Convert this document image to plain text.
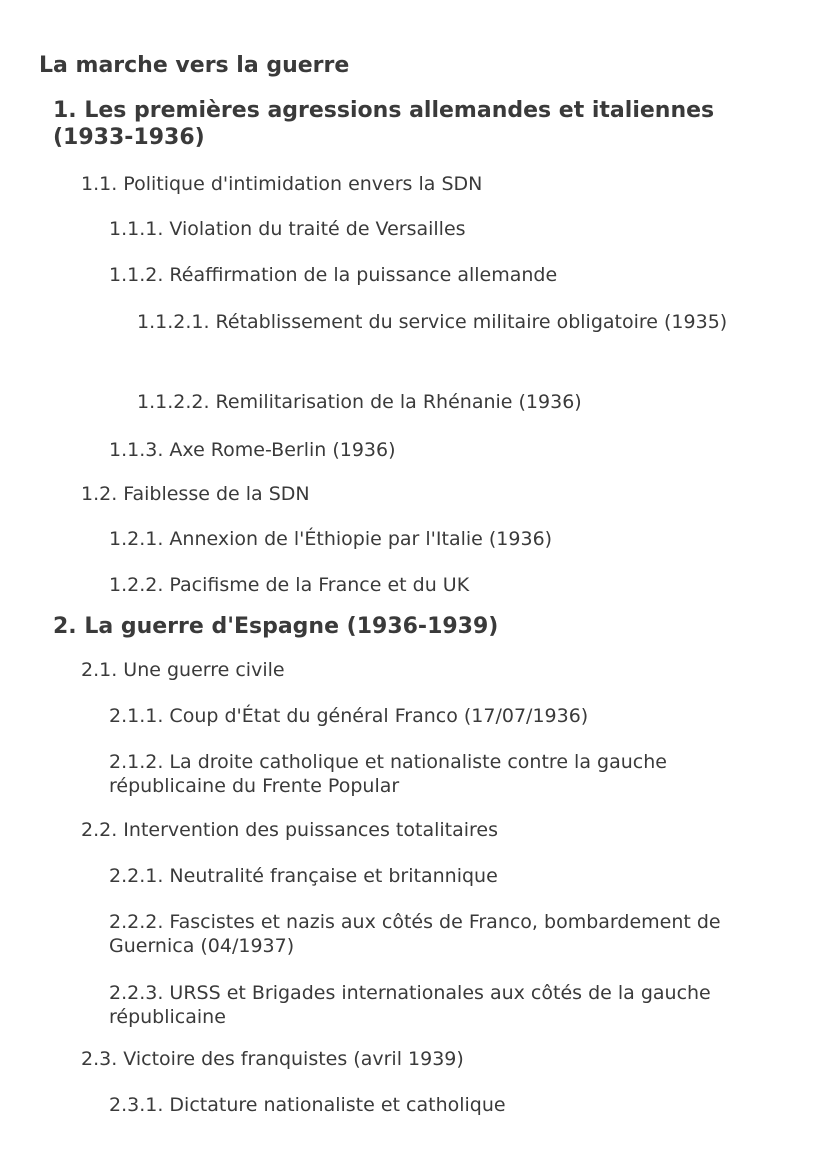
La marche vers la guerre
1. Les premières agressions allemandes et italiennes (1933-1936)
1.1. Politique d'intimidation envers la SDN
1.1.1. Violation du traité de Versailles
1.1.2. Réaffirmation de la puissance allemande
1.1.2.1. Rétablissement du service militaire obligatoire (1935)
1.1.2.2. Remilitarisation de la Rhénanie (1936)
1.1.3. Axe Rome-Berlin (1936)
1.2. Faiblesse de la SDN
1.2.1. Annexion de l'Éthiopie par l'Italie (1936)
1.2.2. Pacifisme de la France et du UK
2. La guerre d'Espagne (1936-1939)
2.1. Une guerre civile
2.1.1. Coup d'État du général Franco (17/07/1936)
2.1.2. La droite catholique et nationaliste contre la gauche républicaine du Frente Popular
2.2. Intervention des puissances totalitaires
2.2.1. Neutralité française et britannique
2.2.2. Fascistes et nazis aux côtés de Franco, bombardement de Guernica (04/1937)
2.2.3. URSS et Brigades internationales aux côtés de la gauche républicaine
2.3. Victoire des franquistes (avril 1939)
2.3.1. Dictature nationaliste et catholique
